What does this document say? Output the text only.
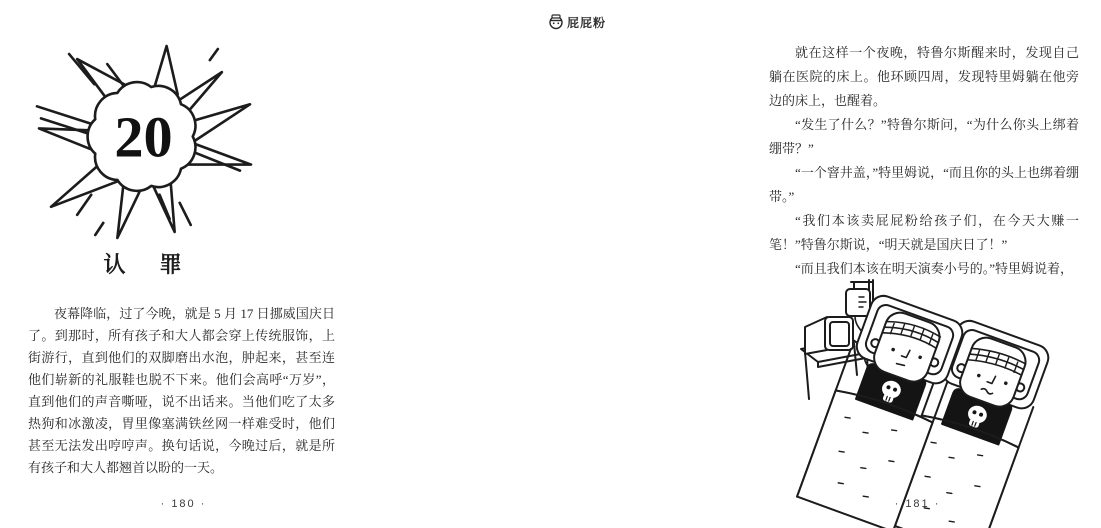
屁屁粉
20
认　罪

夜幕降临，过了今晚，就是 5 月 17 日挪威国庆日了。到那时，所有孩子和大人都会穿上传统服饰，上街游行，直到他们的双脚磨出水泡，肿起来，甚至连他们崭新的礼服鞋也脱不下来。他们会高呼“万岁”，直到他们的声音嘶哑，说不出话来。当他们吃了太多热狗和冰激凌，胃里像塞满铁丝网一样难受时，他们甚至无法发出哼哼声。换句话说，今晚过后，就是所有孩子和大人都翘首以盼的一天。

· 180 ·

就在这样一个夜晚，特鲁尔斯醒来时，发现自己躺在医院的床上。他环顾四周，发现特里姆躺在他旁边的床上，也醒着。

“发生了什么？”特鲁尔斯问，“为什么你头上绑着绷带？”

“一个窨井盖，”特里姆说，“而且你的头上也绑着绷带。”

“我们本该卖屁屁粉给孩子们，在今天大赚一笔！”特鲁尔斯说，“明天就是国庆日了！”

“而且我们本该在明天演奏小号的。”特里姆说着，

· 181 ·
